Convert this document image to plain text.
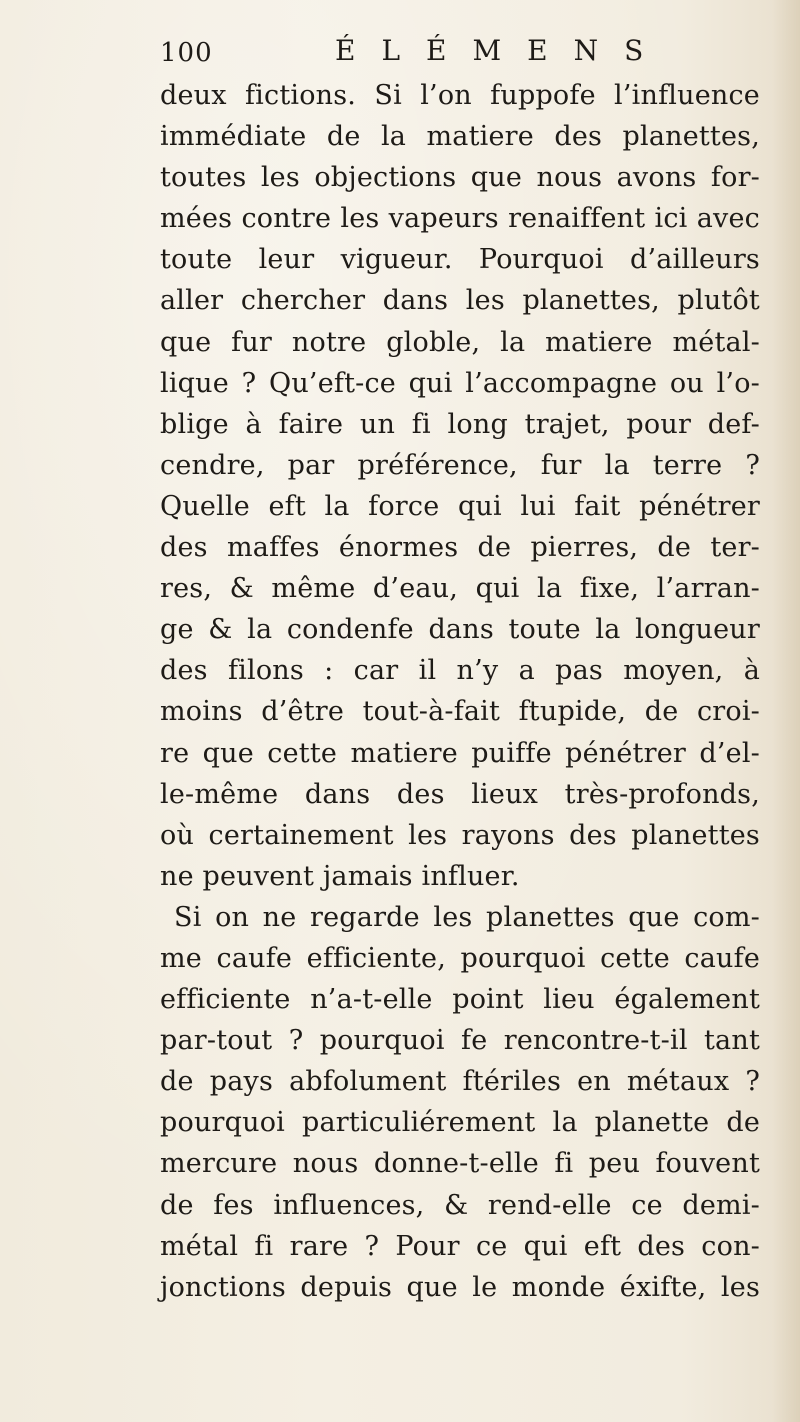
100	ÉLÉMENS
deux fictions. Si l’on fuppofe l’influence
immédiate de la matiere des planettes,
toutes les objections que nous avons for-
mées contre les vapeurs renaiffent ici avec
toute leur vigueur. Pourquoi d’ailleurs
aller chercher dans les planettes, plutôt
que fur notre globle, la matiere métal-
lique ? Qu’eft-ce qui l’accompagne ou l’o-
blige à faire un fi long trajet, pour def-
cendre, par préférence, fur la terre ?
Quelle eft la force qui lui fait pénétrer
des maffes énormes de pierres, de ter-
res, & même d’eau, qui la fixe, l’arran-
ge & la condenfe dans toute la longueur
des filons : car il n’y a pas moyen, à
moins d’être tout-à-fait ftupide, de croi-
re que cette matiere puiffe pénétrer d’el-
le-même dans des lieux très-profonds,
où certainement les rayons des planettes
ne peuvent jamais influer.
Si on ne regarde les planettes que com-
me caufe efficiente, pourquoi cette caufe
efficiente n’a-t-elle point lieu également
par-tout ? pourquoi fe rencontre-t-il tant
de pays abfolument ftériles en métaux ?
pourquoi particuliérement la planette de
mercure nous donne-t-elle fi peu fouvent
de fes influences, & rend-elle ce demi-
métal fi rare ? Pour ce qui eft des con-
jonctions depuis que le monde éxifte, les
